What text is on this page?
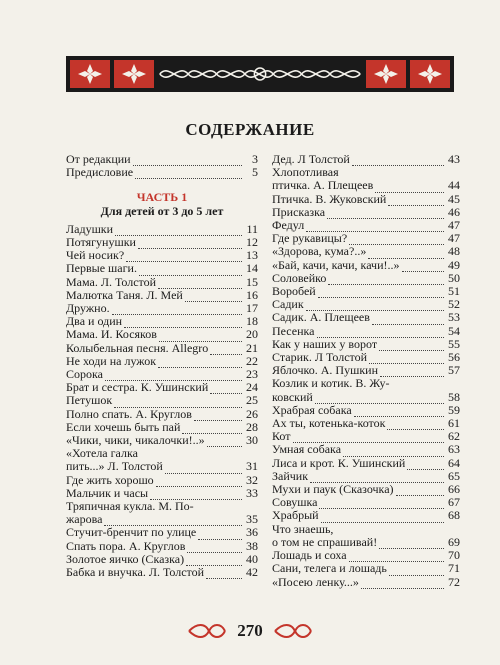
СОДЕРЖАНИЕ
От редакции	3
Предисловие	5
ЧАСТЬ 1
Для детей от 3 до 5 лет
Ладушки	11
Потягунушки	12
Чей носик?	13
Первые шаги.	14
Мама. Л. Толстой	15
Малютка Таня. Л. Мей	16
Дружно.	17
Два и один	18
Мама. И. Косяков	20
Колыбельная песня. Allegro	21
Не ходи на лужок	22
Сорока	23
Брат и сестра. К. Ушинский	24
Петушок	25
Полно спать. А. Круглов	26
Если хочешь быть пай	28
«Чики, чики, чикалочки!..»	30
«Хотела галка
пить...» Л. Толстой	31
Где жить хорошо	32
Мальчик и часы	33
Тряпичная кукла. М. По-
жарова	35
Стучит-бренчит по улице	36
Спать пора. А. Круглов	38
Золотое яичко (Сказка)	40
Бабка и внучка. Л. Толстой	42
Дед. Л Толстой	43
Хлопотливая
птичка. А. Плещеев	44
Птичка. В. Жуковский	45
Присказка	46
Федул	47
Где рукавицы?	47
«Здорова, кума?..»	48
«Бай, качи, качи, качи!..»	49
Соловейко	50
Воробей	51
Садик	52
Садик. А. Плещеев	53
Песенка	54
Как у наших у ворот	55
Старик. Л Толстой	56
Яблочко. А. Пушкин	57
Козлик и котик. В. Жу-
ковский	58
Храбрая собака	59
Ах ты, котенька-коток	61
Кот	62
Умная собака	63
Лиса и крот. К. Ушинский	64
Зайчик	65
Мухи и паук (Сказочка)	66
Совушка	67
Храбрый	68
Что знаешь,
о том не спрашивай!	69
Лошадь и соха	70
Сани, телега и лошадь	71
«Посею ленку...»	72
270
